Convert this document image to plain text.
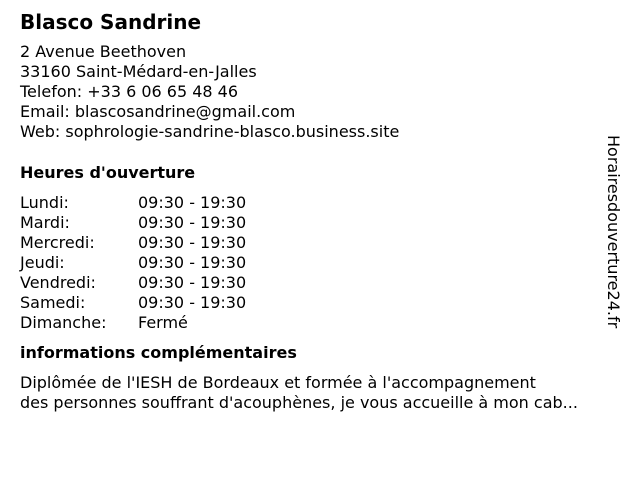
Blasco Sandrine
2 Avenue Beethoven
33160 Saint-Médard-en-Jalles
Telefon: +33 6 06 65 48 46
Email: blascosandrine@gmail.com
Web: sophrologie-sandrine-blasco.business.site
Heures d'ouverture
Lundi:	09:30 - 19:30
Mardi:	09:30 - 19:30
Mercredi:	09:30 - 19:30
Jeudi:	09:30 - 19:30
Vendredi:	09:30 - 19:30
Samedi:	09:30 - 19:30
Dimanche:	Fermé
informations complémentaires
Diplômée de l'IESH de Bordeaux et formée à l'accompagnement
des personnes souffrant d'acouphènes, je vous accueille à mon cab...
Horairesdouverture24.fr
